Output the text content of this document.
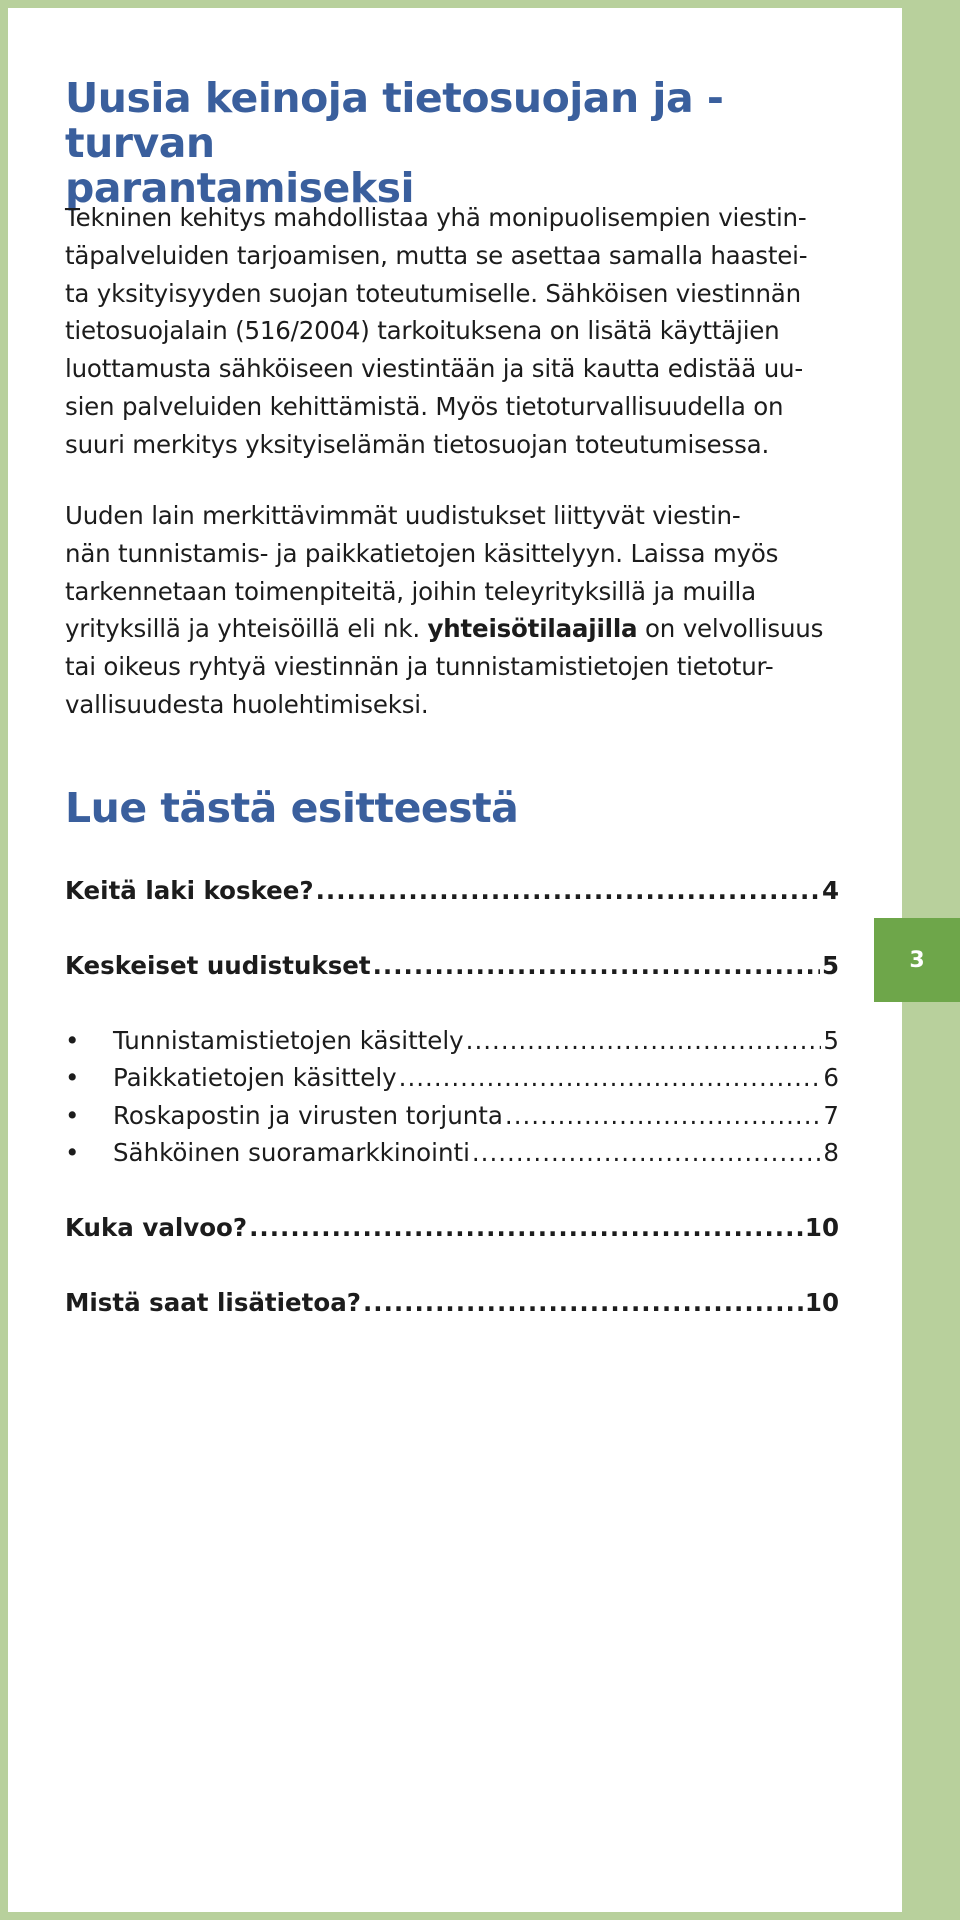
Uusia keinoja tietosuojan ja -turvan
parantamiseksi

Tekninen kehitys mahdollistaa yhä monipuolisempien viestin-
täpalveluiden tarjoamisen, mutta se asettaa samalla haastei-
ta yksityisyyden suojan toteutumiselle. Sähköisen viestinnän
tietosuojalain (516/2004) tarkoituksena on lisätä käyttäjien
luottamusta sähköiseen viestintään ja sitä kautta edistää uu-
sien palveluiden kehittämistä. Myös tietoturvallisuudella on
suuri merkitys yksityiselämän tietosuojan toteutumisessa.

Uuden lain merkittävimmät uudistukset liittyvät viestin-
nän tunnistamis- ja paikkatietojen käsittelyyn. Laissa myös
tarkennetaan toimenpiteitä, joihin teleyrityksillä ja muilla
yrityksillä ja yhteisöillä eli nk. yhteisötilaajilla on velvollisuus
tai oikeus ryhtyä viestinnän ja tunnistamistietojen tietotur-
vallisuudesta huolehtimiseksi.

Lue tästä esitteestä
Keitä laki koskee? .....	4
Keskeiset uudistukset .....	5
• Tunnistamistietojen käsittely .....	5
• Paikkatietojen käsittely .....	6
• Roskapostin ja virusten torjunta .....	7
• Sähköinen suoramarkkinointi .....	8
Kuka valvoo? .....	10
Mistä saat lisätietoa? .....	10
3
